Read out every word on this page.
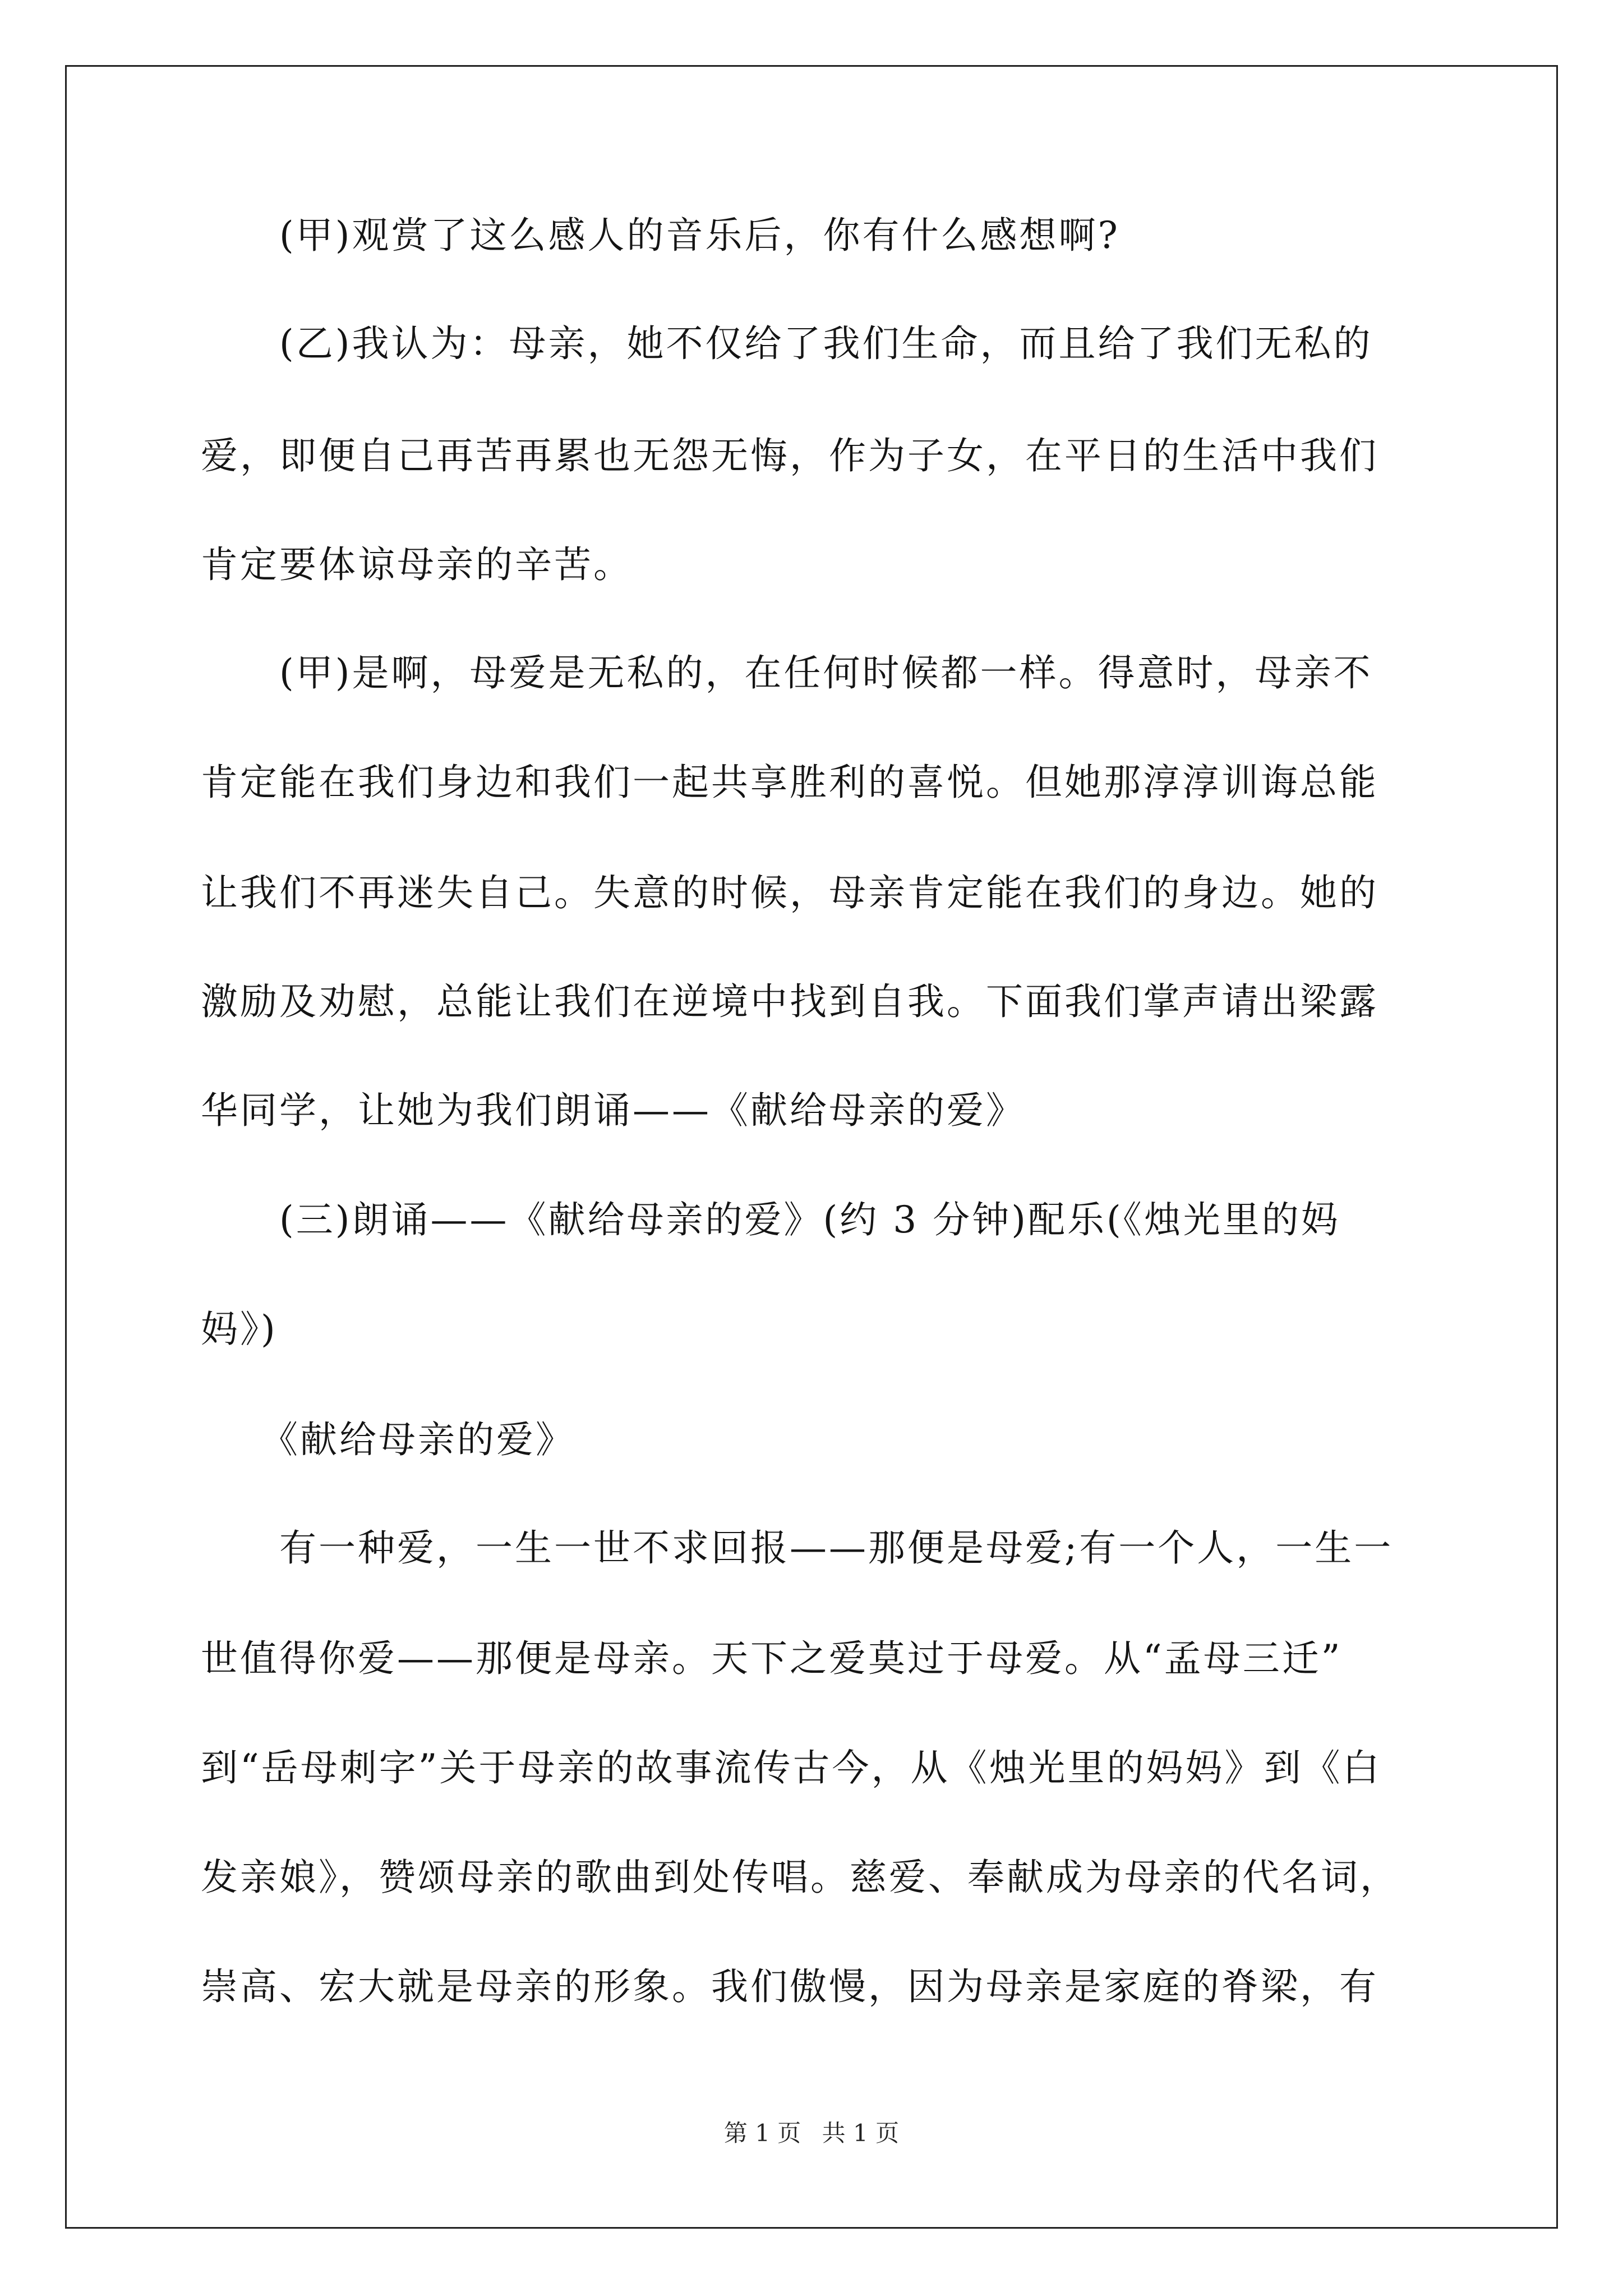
　　(甲)观赏了这么感人的音乐后，你有什么感想啊?
　　(乙)我认为：母亲，她不仅给了我们生命，而且给了我们无私的
爱，即便自己再苦再累也无怨无悔，作为子女，在平日的生活中我们
肯定要体谅母亲的辛苦。
　　(甲)是啊，母爱是无私的，在任何时候都一样。得意时，母亲不
肯定能在我们身边和我们一起共享胜利的喜悦。但她那淳淳训诲总能
让我们不再迷失自己。失意的时候，母亲肯定能在我们的身边。她的
激励及劝慰，总能让我们在逆境中找到自我。下面我们掌声请出梁露
华同学，让她为我们朗诵——《献给母亲的爱》
　　(三)朗诵——《献给母亲的爱》(约 3 分钟)配乐(《烛光里的妈
妈》)
　　《献给母亲的爱》
　　有一种爱，一生一世不求回报——那便是母爱;有一个人，一生一
世值得你爱——那便是母亲。天下之爱莫过于母爱。从“孟母三迁”
到“岳母刺字”关于母亲的故事流传古今，从《烛光里的妈妈》到《白
发亲娘》，赞颂母亲的歌曲到处传唱。慈爱、奉献成为母亲的代名词，
崇高、宏大就是母亲的形象。我们傲慢，因为母亲是家庭的脊梁，有
第 1 页 共 1 页
